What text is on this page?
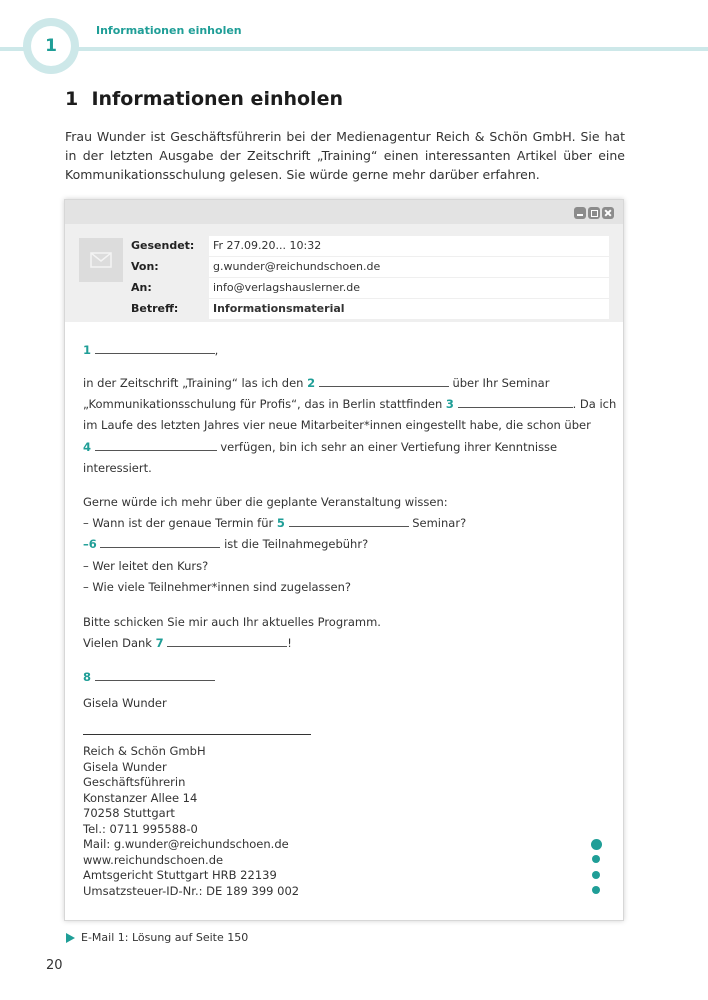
1
Informationen einholen
1  Informationen einholen
Frau Wunder ist Geschäftsführerin bei der Medienagentur Reich & Schön GmbH. Sie hat in der letzten Ausgabe der Zeitschrift „Training“ einen interessanten Artikel über eine Kommunikationsschulung gelesen. Sie würde gerne mehr darüber erfahren.
Gesendet:	Fr 27.09.20... 10:32
Von:	g.wunder@reichundschoen.de
An:	info@verlagshauslerner.de
Betreff:	Informationsmaterial
1	,
in der Zeitschrift „Training“ las ich den 2	über Ihr Seminar
„Kommunikationsschulung für Profis“, das in Berlin stattfinden 3	. Da ich
im Laufe des letzten Jahres vier neue Mitarbeiter*innen eingestellt habe, die schon über
4	verfügen, bin ich sehr an einer Vertiefung ihrer Kenntnisse
interessiert.
Gerne würde ich mehr über die geplante Veranstaltung wissen:
– Wann ist der genaue Termin für 5	Seminar?
–6	ist die Teilnahmegebühr?
– Wer leitet den Kurs?
– Wie viele Teilnehmer*innen sind zugelassen?
Bitte schicken Sie mir auch Ihr aktuelles Programm.
Vielen Dank 7	!
8
Gisela Wunder
Reich & Schön GmbH
Gisela Wunder
Geschäftsführerin
Konstanzer Allee 14
70258 Stuttgart
Tel.: 0711 995588-0
Mail: g.wunder@reichundschoen.de
www.reichundschoen.de
Amtsgericht Stuttgart HRB 22139
Umsatzsteuer-ID-Nr.: DE 189 399 002
E-Mail 1: Lösung auf Seite 150
20
